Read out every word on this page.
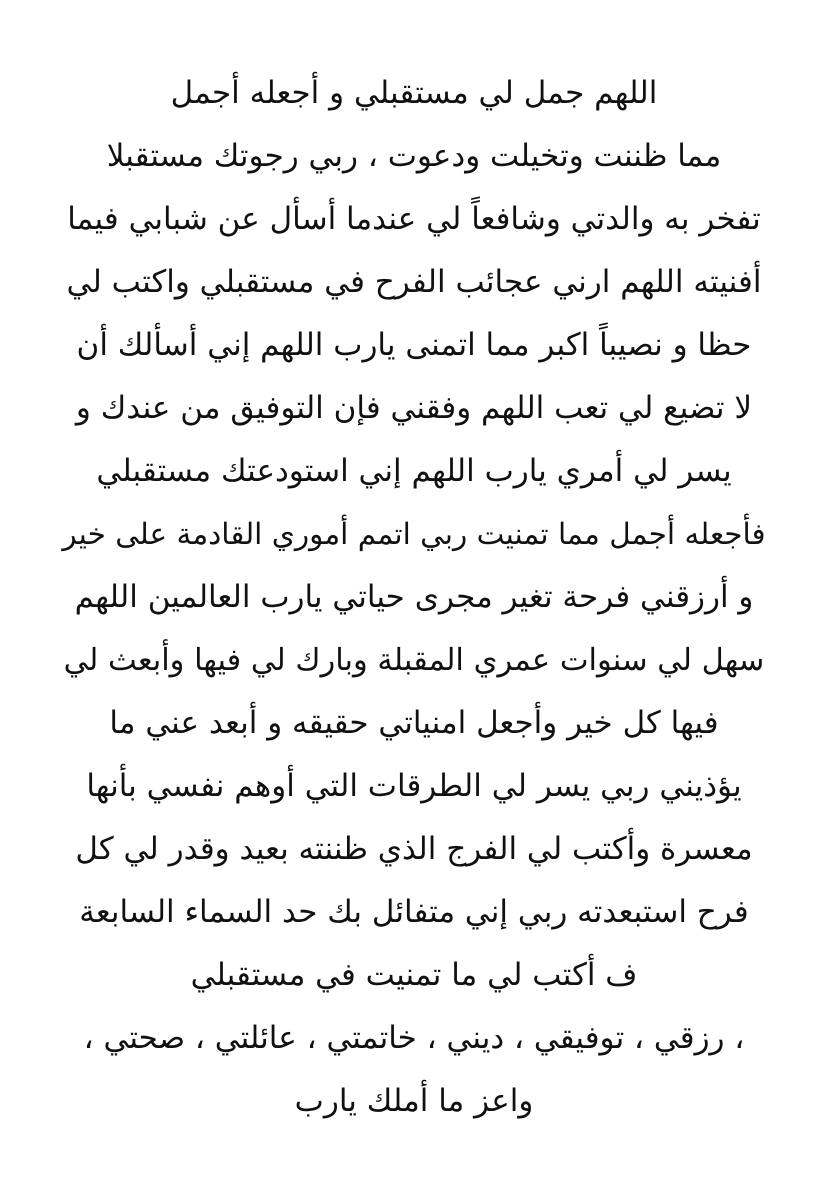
اللهم جمل لي مستقبلي و أجعله أجمل
مما ظننت وتخيلت ودعوت ، ربي رجوتك مستقبلا
تفخر به والدتي وشافعاً لي عندما أسأل عن شبابي فيما
أفنيته اللهم ارني عجائب الفرح في مستقبلي واكتب لي
حظا و نصيباً اكبر مما اتمنى يارب اللهم إني أسألك أن
لا تضيع لي تعب اللهم وفقني فإن التوفيق من عندك و
يسر لي أمري يارب اللهم إني استودعتك مستقبلي
فأجعله أجمل مما تمنيت ربي اتمم أموري القادمة على خير
و أرزقني فرحة تغير مجرى حياتي يارب العالمين اللهم
سهل لي سنوات عمري المقبلة وبارك لي فيها وأبعث لي
فيها كل خير وأجعل امنياتي حقيقه و أبعد عني ما
يؤذيني ربي يسر لي الطرقات التي أوهم نفسي بأنها
معسرة وأكتب لي الفرج الذي ظننته بعيد وقدر لي كل
فرح استبعدته ربي إني متفائل بك حد السماء السابعة
ف أكتب لي ما تمنيت في مستقبلي
، رزقي ، توفيقي ، ديني ، خاتمتي ، عائلتي ، صحتي ،
واعز ما أملك يارب
